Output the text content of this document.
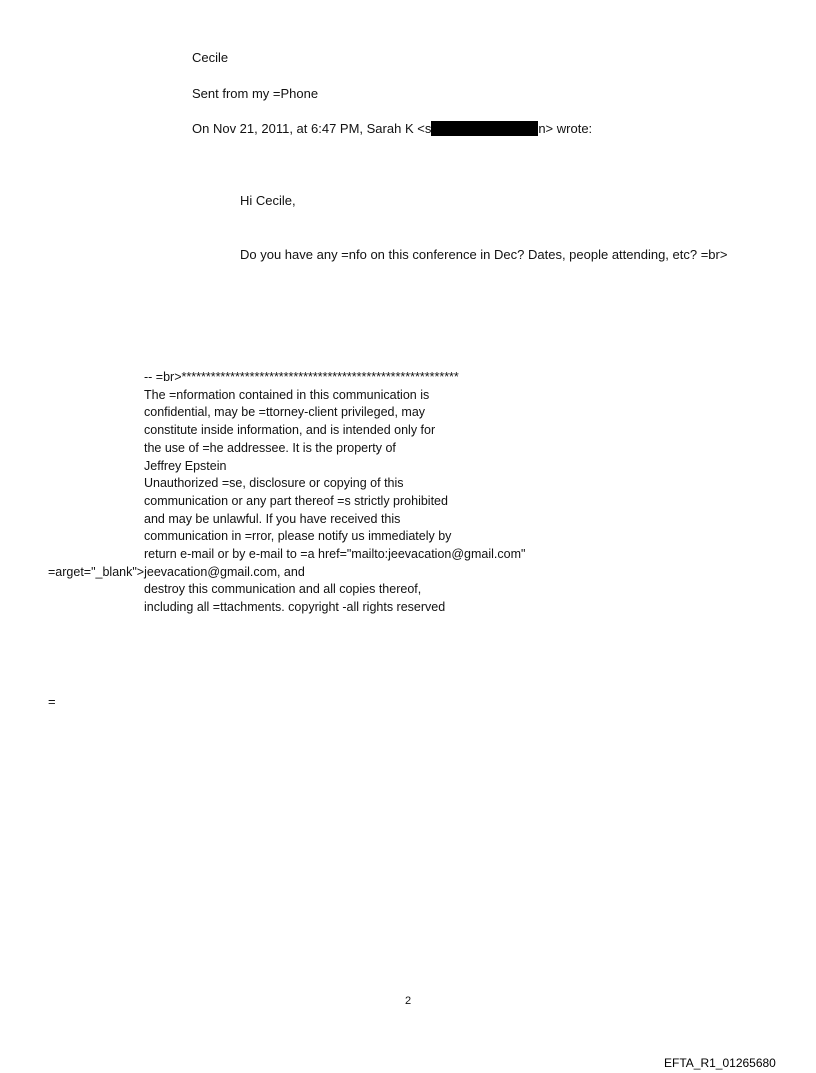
Cecile

Sent from my =Phone

On Nov 21, 2011, at 6:47 PM, Sarah K <s	n> wrote:

Hi Cecile,

Do you have any =nfo on this conference in Dec? Dates, people attending, etc? =br>

-- =br>*********************************************************
The =nformation contained in this communication is
confidential, may be =ttorney-client privileged, may
constitute inside information, and is intended only for
the use of =he addressee. It is the property of
Jeffrey Epstein
Unauthorized =se, disclosure or copying of this
communication or any part thereof =s strictly prohibited
and may be unlawful. If you have received this
communication in =rror, please notify us immediately by
return e-mail or by e-mail to =a href="mailto:jeevacation@gmail.com"
=arget="_blank">jeevacation@gmail.com, and
destroy this communication and all copies thereof,
including all =ttachments. copyright -all rights reserved

=

2

EFTA_R1_01265680
